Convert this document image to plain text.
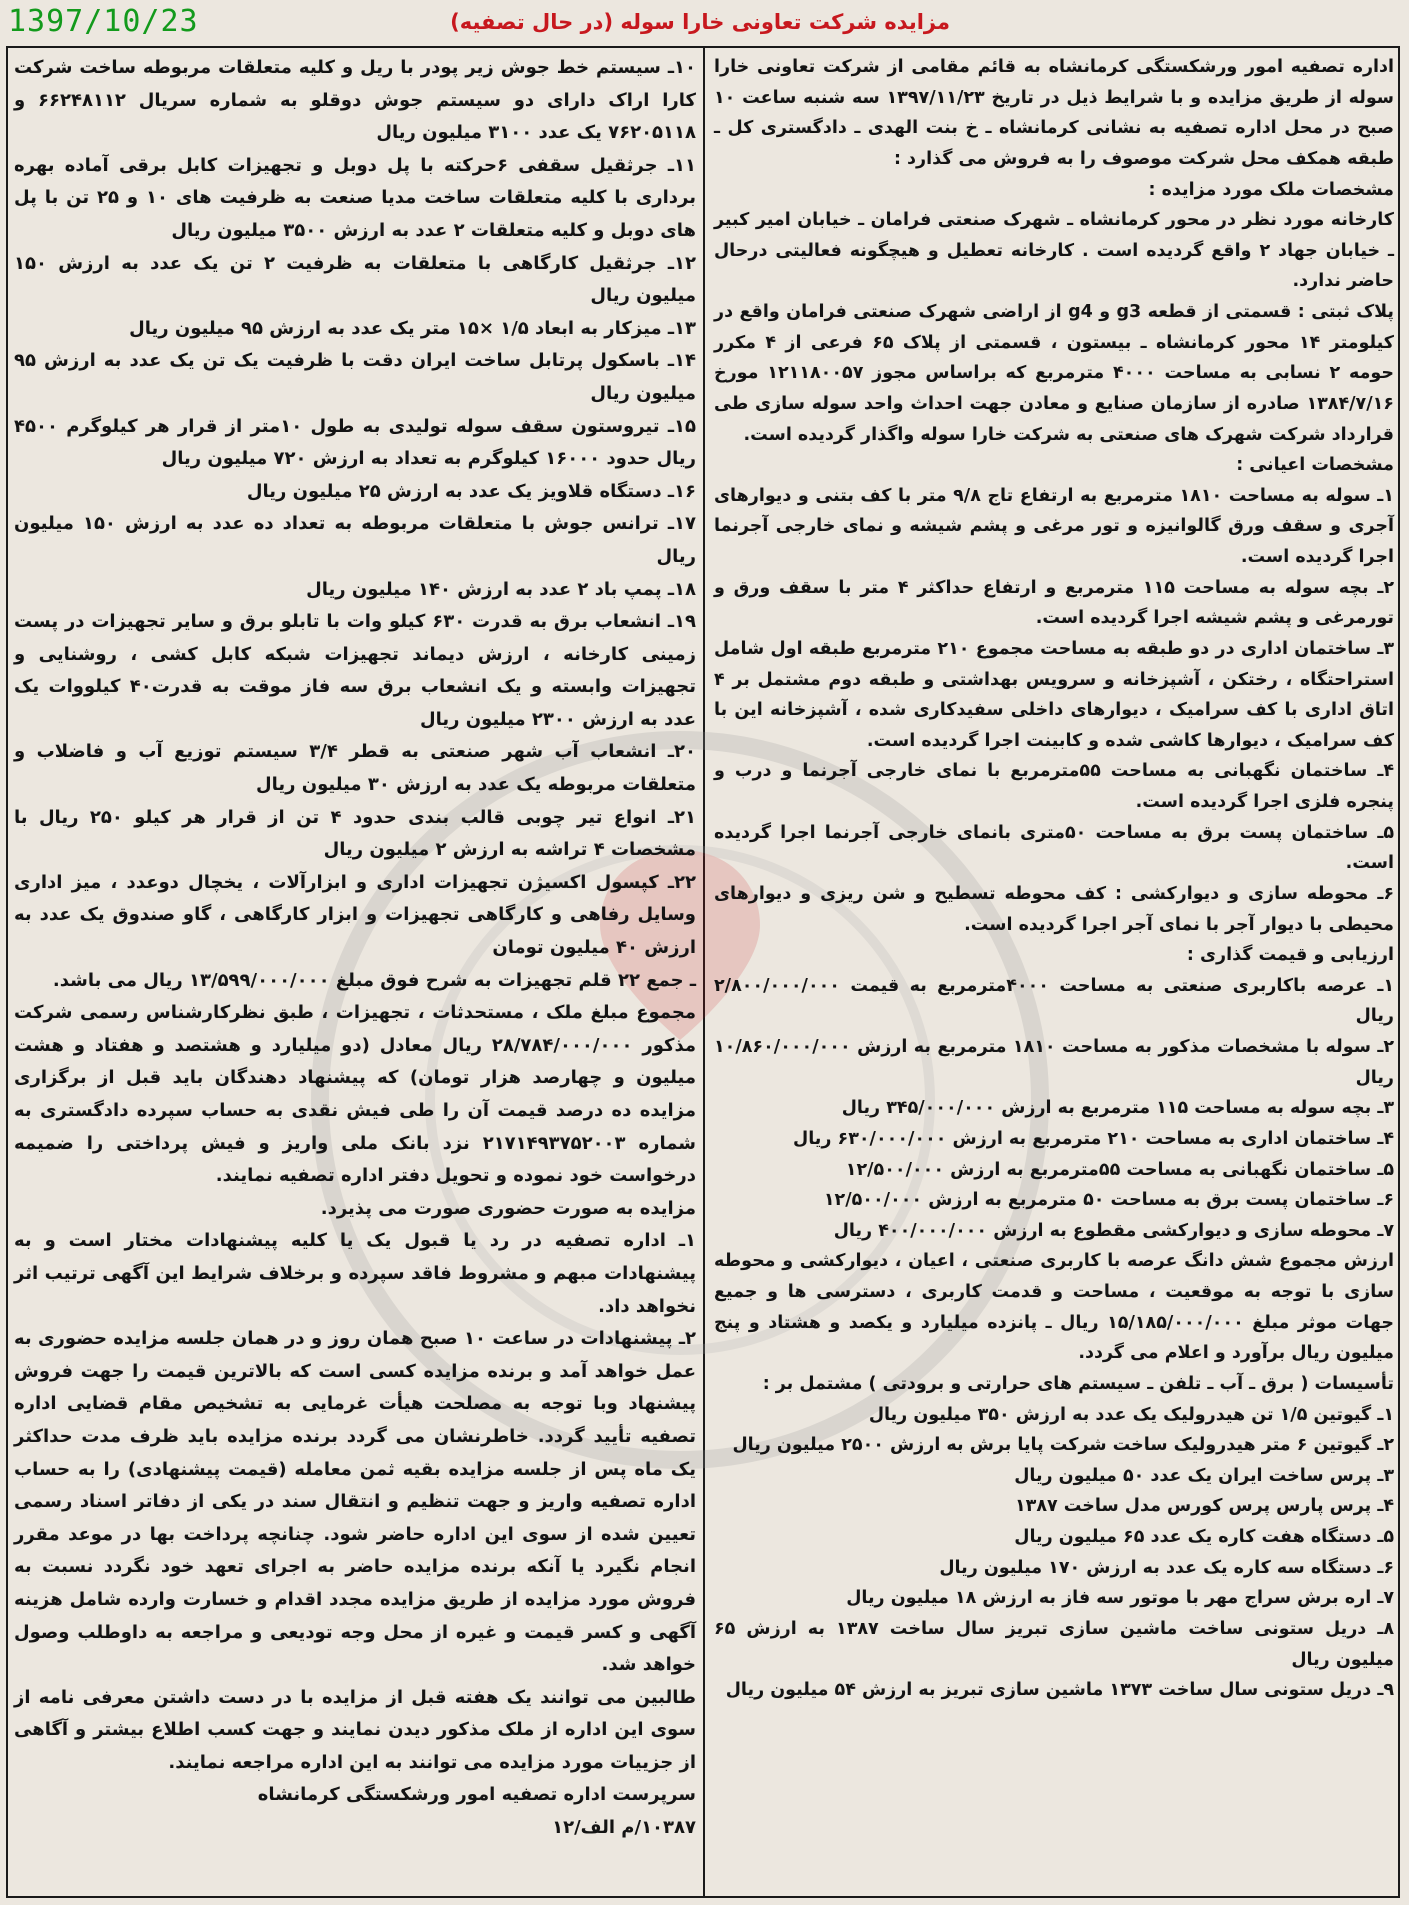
1397/10/23	مزایده شرکت تعاونی خارا سوله (در حال تصفیه)

اداره تصفیه امور ورشکستگی کرمانشاه به قائم مقامی از شرکت تعاونی خارا سوله از طریق مزایده و با شرایط ذیل در تاریخ ۱۳۹۷/۱۱/۲۳ سه شنبه ساعت ۱۰ صبح در محل اداره تصفیه به نشانی کرمانشاه ـ خ بنت الهدی ـ دادگستری کل ـ طبقه همکف محل شرکت موصوف را به فروش می گذارد :

مشخصات ملک مورد مزایده :

کارخانه مورد نظر در محور کرمانشاه ـ شهرک صنعتی فرامان ـ خیابان امیر کبیر ـ خیابان جهاد ۲ واقع گردیده است . کارخانه تعطیل و هیچگونه فعالیتی درحال حاضر ندارد.

پلاک ثبتی : قسمتی از قطعه g3 و g4 از اراضی شهرک صنعتی فرامان واقع در کیلومتر ۱۴ محور کرمانشاه ـ بیستون ، قسمتی از پلاک ۶۵ فرعی از ۴ مکرر حومه ۲ نسابی به مساحت ۴۰۰۰ مترمربع که براساس مجوز ۱۲۱۱۸۰۰۵۷ مورخ ۱۳۸۴/۷/۱۶ صادره از سازمان صنایع و معادن جهت احداث واحد سوله سازی طی قرارداد شرکت شهرک های صنعتی به شرکت خارا سوله واگذار گردیده است.

مشخصات اعیانی :

۱ـ سوله به مساحت ۱۸۱۰ مترمربع به ارتفاع تاج ۹/۸ متر با کف بتنی و دیوارهای آجری و سقف ورق گالوانیزه و تور مرغی و پشم شیشه و نمای خارجی آجرنما اجرا گردیده است.

۲ـ بچه سوله به مساحت ۱۱۵ مترمربع و ارتفاع حداکثر ۴ متر با سقف ورق و تورمرغی و پشم شیشه اجرا گردیده است.

۳ـ ساختمان اداری در دو طبقه به مساحت مجموع ۲۱۰ مترمربع طبقه اول شامل استراحتگاه ، رختکن ، آشپزخانه و سرویس بهداشتی و طبقه دوم مشتمل بر ۴ اتاق اداری با کف سرامیک ، دیوارهای داخلی سفیدکاری شده ، آشپزخانه این با کف سرامیک ، دیوارها کاشی شده و کابینت اجرا گردیده است.

۴ـ ساختمان نگهبانی به مساحت ۵۵مترمربع با نمای خارجی آجرنما و درب و پنجره فلزی اجرا گردیده است.

۵ـ ساختمان پست برق به مساحت ۵۰متری بانمای خارجی آجرنما اجرا گردیده است.

۶ـ محوطه سازی و دیوارکشی : کف محوطه تسطیح و شن ریزی و دیوارهای محیطی با دیوار آجر با نمای آجر اجرا گردیده است.

ارزیابی و قیمت گذاری :

۱ـ عرصه باکاربری صنعتی به مساحت ۴۰۰۰مترمربع به قیمت ۲/۸۰۰/۰۰۰/۰۰۰ ریال

۲ـ سوله با مشخصات مذکور به مساحت ۱۸۱۰ مترمربع به ارزش ۱۰/۸۶۰/۰۰۰/۰۰۰ ریال

۳ـ بچه سوله به مساحت ۱۱۵ مترمربع به ارزش ۳۴۵/۰۰۰/۰۰۰ ریال

۴ـ ساختمان اداری به مساحت ۲۱۰ مترمربع به ارزش ۶۳۰/۰۰۰/۰۰۰ ریال

۵ـ ساختمان نگهبانی به مساحت ۵۵مترمربع به ارزش ۱۲/۵۰۰/۰۰۰

۶ـ ساختمان پست برق به مساحت ۵۰ مترمربع به ارزش ۱۲/۵۰۰/۰۰۰

۷ـ محوطه سازی و دیوارکشی مقطوع به ارزش ۴۰۰/۰۰۰/۰۰۰ ریال

ارزش مجموع شش دانگ عرصه با کاربری صنعتی ، اعیان ، دیوارکشی و محوطه سازی با توجه به موقعیت ، مساحت و قدمت کاربری ، دسترسی ها و جمیع جهات موثر مبلغ ۱۵/۱۸۵/۰۰۰/۰۰۰ ریال ـ پانزده میلیارد و یکصد و هشتاد و پنج میلیون ریال برآورد و اعلام می گردد.

تأسیسات ( برق ـ آب ـ تلفن ـ سیستم های حرارتی و برودتی ) مشتمل بر :

۱ـ گیوتین ۱/۵ تن هیدرولیک یک عدد به ارزش ۳۵۰ میلیون ریال

۲ـ گیوتین ۶ متر هیدرولیک ساخت شرکت پایا برش به ارزش ۲۵۰۰ میلیون ریال

۳ـ پرس ساخت ایران یک عدد ۵۰ میلیون ریال

۴ـ پرس پارس پرس کورس مدل ساخت ۱۳۸۷

۵ـ دستگاه هفت کاره یک عدد ۶۵ میلیون ریال

۶ـ دستگاه سه کاره یک عدد به ارزش ۱۷۰ میلیون ریال

۷ـ اره برش سراج مهر با موتور سه فاز به ارزش ۱۸ میلیون ریال

۸ـ دریل ستونی ساخت ماشین سازی تبریز سال ساخت ۱۳۸۷ به ارزش ۶۵ میلیون ریال

۹ـ دریل ستونی سال ساخت ۱۳۷۳ ماشین سازی تبریز به ارزش ۵۴ میلیون ریال

۱۰ـ سیستم خط جوش زیر پودر با ریل و کلیه متعلقات مربوطه ساخت شرکت کارا اراک دارای دو سیستم جوش دوقلو به شماره سریال ۶۶۲۴۸۱۱۲ و ۷۶۲۰۵۱۱۸ یک عدد ۳۱۰۰ میلیون ریال

۱۱ـ جرثقیل سقفی ۶حرکته با پل دوبل و تجهیزات کابل برقی آماده بهره برداری با کلیه متعلقات ساخت مدیا صنعت به ظرفیت های ۱۰ و ۲۵ تن با پل های دوبل و کلیه متعلقات ۲ عدد به ارزش ۳۵۰۰ میلیون ریال

۱۲ـ جرثقیل کارگاهی با متعلقات به ظرفیت ۲ تن یک عدد به ارزش ۱۵۰ میلیون ریال

۱۳ـ میزکار به ابعاد ۱/۵ ×۱۵ متر یک عدد به ارزش ۹۵ میلیون ریال

۱۴ـ باسکول پرتابل ساخت ایران دقت با ظرفیت یک تن یک عدد به ارزش ۹۵ میلیون ریال

۱۵ـ تیروستون سقف سوله تولیدی به طول ۱۰متر از قرار هر کیلوگرم ۴۵۰۰ ریال حدود ۱۶۰۰۰ کیلوگرم به تعداد به ارزش ۷۲۰ میلیون ریال

۱۶ـ دستگاه قلاویز یک عدد به ارزش ۲۵ میلیون ریال

۱۷ـ ترانس جوش با متعلقات مربوطه به تعداد ده عدد به ارزش ۱۵۰ میلیون ریال

۱۸ـ پمپ باد ۲ عدد به ارزش ۱۴۰ میلیون ریال

۱۹ـ انشعاب برق به قدرت ۶۳۰ کیلو وات با تابلو برق و سایر تجهیزات در پست زمینی کارخانه ، ارزش دیماند تجهیزات شبکه کابل کشی ، روشنایی و تجهیزات وابسته و یک انشعاب برق سه فاز موقت به قدرت۴۰ کیلووات یک عدد به ارزش ۲۳۰۰ میلیون ریال

۲۰ـ انشعاب آب شهر صنعتی به قطر ۳/۴ سیستم توزیع آب و فاضلاب و متعلقات مربوطه یک عدد به ارزش ۳۰ میلیون ریال

۲۱ـ انواع تیر چوبی قالب بندی حدود ۴ تن از قرار هر کیلو ۲۵۰ ریال با مشخصات ۴ تراشه به ارزش ۲ میلیون ریال

۲۲ـ کپسول اکسیژن تجهیزات اداری و ابزارآلات ، یخچال دوعدد ، میز اداری وسایل رفاهی و کارگاهی تجهیزات و ابزار کارگاهی ، گاو صندوق یک عدد به ارزش ۴۰ میلیون تومان

ـ جمع ۲۲ قلم تجهیزات به شرح فوق مبلغ ۱۳/۵۹۹/۰۰۰/۰۰۰ ریال می باشد.

مجموع مبلغ ملک ، مستحدثات ، تجهیزات ، طبق نظرکارشناس رسمی شرکت مذکور ۲۸/۷۸۴/۰۰۰/۰۰۰ ریال معادل (دو میلیارد و هشتصد و هفتاد و هشت میلیون و چهارصد هزار تومان) که پیشنهاد دهندگان باید قبل از برگزاری مزایده ده درصد قیمت آن را طی فیش نقدی به حساب سپرده دادگستری به شماره ۲۱۷۱۴۹۳۷۵۲۰۰۳ نزد بانک ملی واریز و فیش پرداختی را ضمیمه درخواست خود نموده و تحویل دفتر اداره تصفیه نمایند.

مزایده به صورت حضوری صورت می پذیرد.

۱ـ اداره تصفیه در رد یا قبول یک یا کلیه پیشنهادات مختار است و به پیشنهادات مبهم و مشروط فاقد سپرده و برخلاف شرایط این آگهی ترتیب اثر نخواهد داد.

۲ـ پیشنهادات در ساعت ۱۰ صبح همان روز و در همان جلسه مزایده حضوری به عمل خواهد آمد و برنده مزایده کسی است که بالاترین قیمت را جهت فروش پیشنهاد وبا توجه به مصلحت هیأت غرمایی به تشخیص مقام قضایی اداره تصفیه تأیید گردد. خاطرنشان می گردد برنده مزایده باید ظرف مدت حداکثر یک ماه پس از جلسه مزایده بقیه ثمن معامله (قیمت پیشنهادی) را به حساب اداره تصفیه واریز و جهت تنظیم و انتقال سند در یکی از دفاتر اسناد رسمی تعیین شده از سوی این اداره حاضر شود. چنانچه پرداخت بها در موعد مقرر انجام نگیرد یا آنکه برنده مزایده حاضر به اجرای تعهد خود نگردد نسبت به فروش مورد مزایده از طریق مزایده مجدد اقدام و خسارت وارده شامل هزینه آگهی و کسر قیمت و غیره از محل وجه تودیعی و مراجعه به داوطلب وصول خواهد شد.

طالبین می توانند یک هفته قبل از مزایده با در دست داشتن معرفی نامه از سوی این اداره از ملک مذکور دیدن نمایند و جهت کسب اطلاع بیشتر و آگاهی از جزییات مورد مزایده می توانند به این اداره مراجعه نمایند.

سرپرست اداره تصفیه امور ورشکستگی کرمانشاه

۱۰۳۸۷/م الف/۱۲
